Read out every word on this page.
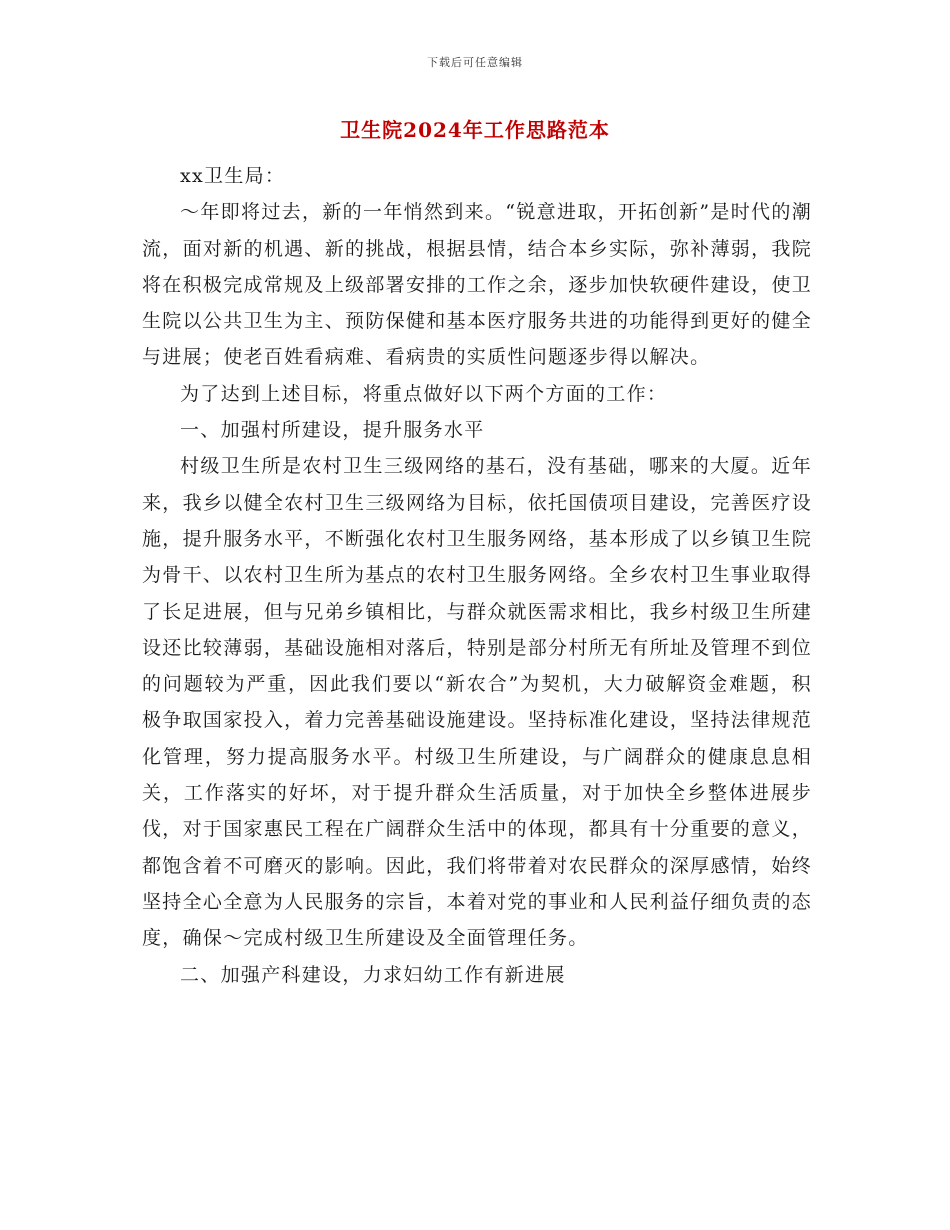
下载后可任意编辑
卫生院2024年工作思路范本

xx卫生局：

～年即将过去，新的一年悄然到来。“锐意进取，开拓创新”是时代的潮流，面对新的机遇、新的挑战，根据县情，结合本乡实际，弥补薄弱，我院将在积极完成常规及上级部署安排的工作之余，逐步加快软硬件建设，使卫生院以公共卫生为主、预防保健和基本医疗服务共进的功能得到更好的健全与进展；使老百姓看病难、看病贵的实质性问题逐步得以解决。

为了达到上述目标，将重点做好以下两个方面的工作：

一、加强村所建设，提升服务水平

村级卫生所是农村卫生三级网络的基石，没有基础，哪来的大厦。近年来，我乡以健全农村卫生三级网络为目标，依托国债项目建设，完善医疗设施，提升服务水平，不断强化农村卫生服务网络，基本形成了以乡镇卫生院为骨干、以农村卫生所为基点的农村卫生服务网络。全乡农村卫生事业取得了长足进展，但与兄弟乡镇相比，与群众就医需求相比，我乡村级卫生所建设还比较薄弱，基础设施相对落后，特别是部分村所无有所址及管理不到位的问题较为严重，因此我们要以“新农合”为契机，大力破解资金难题，积极争取国家投入，着力完善基础设施建设。坚持标准化建设，坚持法律规范化管理，努力提高服务水平。村级卫生所建设，与广阔群众的健康息息相关，工作落实的好坏，对于提升群众生活质量，对于加快全乡整体进展步伐，对于国家惠民工程在广阔群众生活中的体现，都具有十分重要的意义，都饱含着不可磨灭的影响。因此，我们将带着对农民群众的深厚感情，始终坚持全心全意为人民服务的宗旨，本着对党的事业和人民利益仔细负责的态度，确保～完成村级卫生所建设及全面管理任务。

二、加强产科建设，力求妇幼工作有新进展
